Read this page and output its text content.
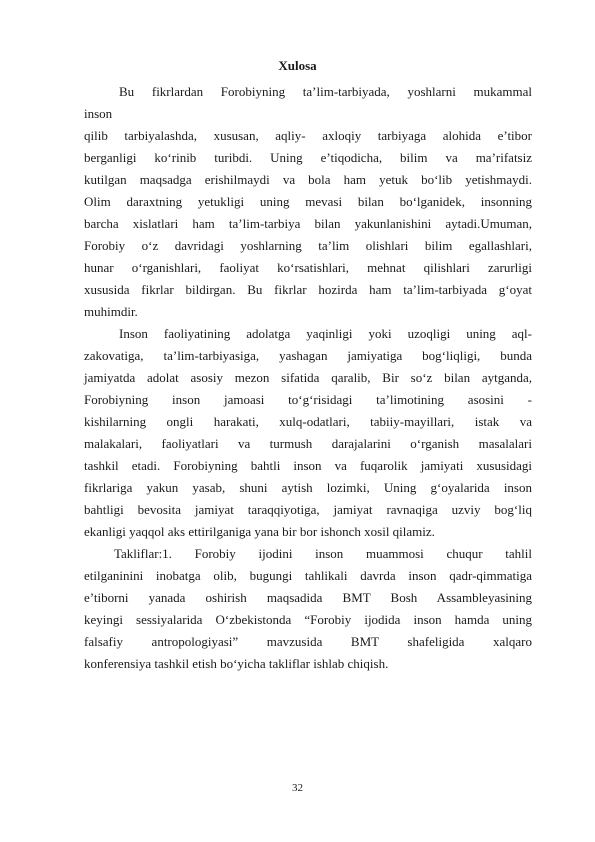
Xulosa
Bu fikrlardan Forobiyning ta’lim-tarbiyada, yoshlarni mukammal
inson
qilib tarbiyalashda, xususan, aqliy- axloqiy tarbiyaga alohida e’tibor
berganligi ko‘rinib turibdi. Uning e’tiqodicha, bilim va ma’rifatsiz
kutilgan maqsadga erishilmaydi va bola ham yetuk bo‘lib yetishmaydi.
Olim daraxtning yetukligi uning mevasi bilan bo‘lganidek, insonning
barcha xislatlari ham ta’lim-tarbiya bilan yakunlanishini aytadi.Umuman,
Forobiy o‘z davridagi yoshlarning ta’lim olishlari bilim egallashlari,
hunar o‘rganishlari, faoliyat ko‘rsatishlari, mehnat qilishlari zarurligi
xususida fikrlar bildirgan. Bu fikrlar hozirda ham ta’lim-tarbiyada g‘oyat
muhimdir.
Inson faoliyatining adolatga yaqinligi yoki uzoqligi uning aql-
zakovatiga, ta’lim-tarbiyasiga, yashagan jamiyatiga bog‘liqligi, bunda
jamiyatda adolat asosiy mezon sifatida qaralib, Bir so‘z bilan aytganda,
Forobiyning inson jamoasi to‘g‘risidagi ta’limotining asosini -
kishilarning ongli harakati, xulq-odatlari, tabiiy-mayillari, istak va
malakalari, faoliyatlari va turmush darajalarini o‘rganish masalalari
tashkil etadi. Forobiyning bahtli inson va fuqarolik jamiyati xususidagi
fikrlariga yakun yasab, shuni aytish lozimki, Uning g‘oyalarida inson
bahtligi bevosita jamiyat taraqqiyotiga, jamiyat ravnaqiga uzviy bog‘liq
ekanligi yaqqol aks ettirilganiga yana bir bor ishonch xosil qilamiz.
Takliflar:1. Forobiy ijodini inson muammosi chuqur tahlil
etilganinini inobatga olib, bugungi tahlikali davrda inson qadr-qimmatiga
e’tiborni yanada oshirish maqsadida BMT Bosh Assambleyasining
keyingi sessiyalarida O‘zbekistonda “Forobiy ijodida inson hamda uning
falsafiy antropologiyasi” mavzusida BMT shafeligida xalqaro
konferensiya tashkil etish bo‘yicha takliflar ishlab chiqish.
32
